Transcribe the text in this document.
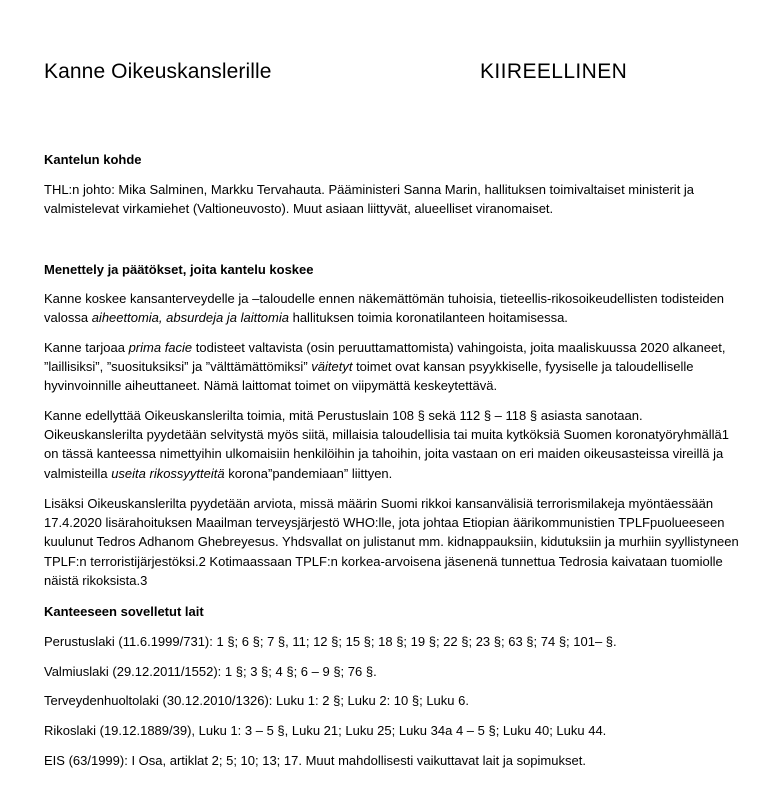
Kanne Oikeuskanslerille	KIIREELLINEN
Kantelun kohde
THL:n johto: Mika Salminen, Markku Tervahauta. Pääministeri Sanna Marin, hallituksen toimivaltaiset ministerit ja valmistelevat virkamiehet (Valtioneuvosto). Muut asiaan liittyvät, alueelliset viranomaiset.
Menettely ja päätökset, joita kantelu koskee
Kanne koskee kansanterveydelle ja –taloudelle ennen näkemättömän tuhoisia, tieteellis-rikosoikeudellisten todisteiden valossa aiheettomia, absurdeja ja laittomia hallituksen toimia koronatilanteen hoitamisessa.
Kanne tarjoaa prima facie todisteet valtavista (osin peruuttamattomista) vahingoista, joita maaliskuussa 2020 alkaneet, ”laillisiksi”, ”suosituksiksi” ja ”välttämättömiksi” väitetyt toimet ovat kansan psyykkiselle, fyysiselle ja taloudelliselle hyvinvoinnille aiheuttaneet. Nämä laittomat toimet on viipymättä keskeytettävä.
Kanne edellyttää Oikeuskanslerilta toimia, mitä Perustuslain 108 § sekä 112 § – 118 § asiasta sanotaan. Oikeuskanslerilta pyydetään selvitystä myös siitä, millaisia taloudellisia tai muita kytköksiä Suomen koronatyöryhmällä1 on tässä kanteessa nimettyihin ulkomaisiin henkilöihin ja tahoihin, joita vastaan on eri maiden oikeusasteissa vireillä ja valmisteilla useita rikossyytteitä korona”pandemiaan” liittyen.
Lisäksi Oikeuskanslerilta pyydetään arviota, missä määrin Suomi rikkoi kansanvälisiä terrorismilakeja myöntäessään 17.4.2020 lisärahoituksen Maailman terveysjärjestö WHO:lle, jota johtaa Etiopian äärikommunistien TPLFpuolueeseen kuulunut Tedros Adhanom Ghebreyesus. Yhdsvallat on julistanut mm. kidnappauksiin, kidutuksiin ja murhiin syyllistyneen TPLF:n terroristijärjestöksi.2 Kotimaassaan TPLF:n korkea-arvoisena jäsenenä tunnettua Tedrosia kaivataan tuomiolle näistä rikoksista.3
Kanteeseen sovelletut lait
Perustuslaki (11.6.1999/731): 1 §; 6 §; 7 §, 11; 12 §; 15 §; 18 §; 19 §; 22 §; 23 §; 63 §; 74 §; 101– §.
Valmiuslaki (29.12.2011/1552): 1 §; 3 §; 4 §; 6 – 9 §; 76 §.
Terveydenhuoltolaki (30.12.2010/1326): Luku 1: 2 §; Luku 2: 10 §; Luku 6.
Rikoslaki (19.12.1889/39), Luku 1: 3 – 5 §, Luku 21; Luku 25; Luku 34a 4 – 5 §; Luku 40; Luku 44.
EIS (63/1999): I Osa, artiklat 2; 5; 10; 13; 17. Muut mahdollisesti vaikuttavat lait ja sopimukset.
